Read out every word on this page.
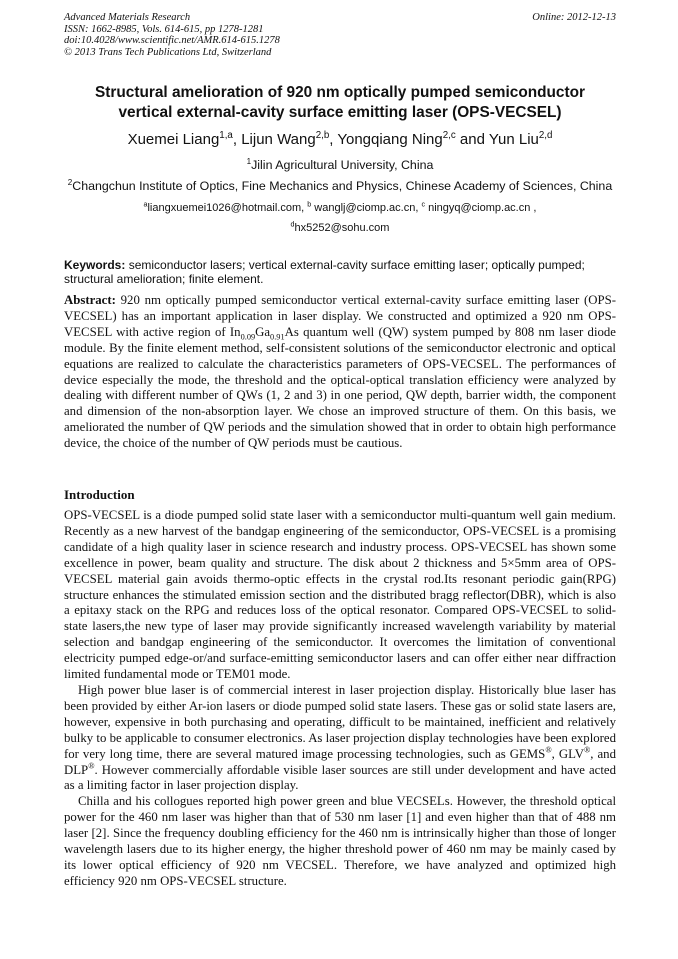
Advanced Materials Research
ISSN: 1662-8985, Vols. 614-615, pp 1278-1281
doi:10.4028/www.scientific.net/AMR.614-615.1278
© 2013 Trans Tech Publications Ltd, Switzerland
Online: 2012-12-13
Structural amelioration of 920 nm optically pumped semiconductor
vertical external-cavity surface emitting laser (OPS-VECSEL)
Xuemei Liang$^{1,a}$, Lijun Wang$^{2,b}$, Yongqiang Ning$^{2,c}$ and Yun Liu$^{2,d}$
$^1$Jilin Agricultural University, China
$^2$Changchun Institute of Optics, Fine Mechanics and Physics, Chinese Academy of Sciences, China
$^a$liangxuemei1026@hotmail.com, $^b$ wanglj@ciomp.ac.cn, $^c$ ningyq@ciomp.ac.cn ,
$^d$hx5252@sohu.com
Keywords: semiconductor lasers; vertical external-cavity surface emitting laser; optically pumped; structural amelioration; finite element.
Abstract: 920 nm optically pumped semiconductor vertical external-cavity surface emitting laser (OPS-VECSEL) has an important application in laser display. We constructed and optimized a 920 nm OPS-VECSEL with active region of $In_{0.09}Ga_{0.91}As$ quantum well (QW) system pumped by 808 nm laser diode module. By the finite element method, self-consistent solutions of the semiconductor electronic and optical equations are realized to calculate the characteristics parameters of OPS-VECSEL. The performances of device especially the mode, the threshold and the optical-optical translation efficiency were analyzed by dealing with different number of QWs (1, 2 and 3) in one period, QW depth, barrier width, the component and dimension of the non-absorption layer. We chose an improved structure of them. On this basis, we ameliorated the number of QW periods and the simulation showed that in order to obtain high performance device, the choice of the number of QW periods must be cautious.
Introduction

OPS-VECSEL is a diode pumped solid state laser with a semiconductor multi-quantum well gain medium. Recently as a new harvest of the bandgap engineering of the semiconductor, OPS-VECSEL is a promising candidate of a high quality laser in science research and industry process. OPS-VECSEL has shown some excellence in power, beam quality and structure. The disk about 2 thickness and 5×5mm area of OPS-VECSEL material gain avoids thermo-optic effects in the crystal rod.Its resonant periodic gain(RPG) structure enhances the stimulated emission section and the distributed bragg reflector(DBR), which is also a epitaxy stack on the RPG and reduces loss of the optical resonator. Compared OPS-VECSEL to solid-state lasers,the new type of laser may provide significantly increased wavelength variability by material selection and bandgap engineering of the semiconductor. It overcomes the limitation of conventional electricity pumped edge-or/and surface-emitting semiconductor lasers and can offer either near diffraction limited fundamental mode or TEM01 mode.

High power blue laser is of commercial interest in laser projection display. Historically blue laser has been provided by either Ar-ion lasers or diode pumped solid state lasers. These gas or solid state lasers are, however, expensive in both purchasing and operating, difficult to be maintained, inefficient and relatively bulky to be applicable to consumer electronics. As laser projection display technologies have been explored for very long time, there are several matured image processing technologies, such as GEMS®, GLV®, and DLP®. However commercially affordable visible laser sources are still under development and have acted as a limiting factor in laser projection display.

Chilla and his collogues reported high power green and blue VECSELs. However, the threshold optical power for the 460 nm laser was higher than that of 530 nm laser [1] and even higher than that of 488 nm laser [2]. Since the frequency doubling efficiency for the 460 nm is intrinsically higher than those of longer wavelength lasers due to its higher energy, the higher threshold power of 460 nm may be mainly cased by its lower optical efficiency of 920 nm VECSEL. Therefore, we have analyzed and optimized high efficiency 920 nm OPS-VECSEL structure.
